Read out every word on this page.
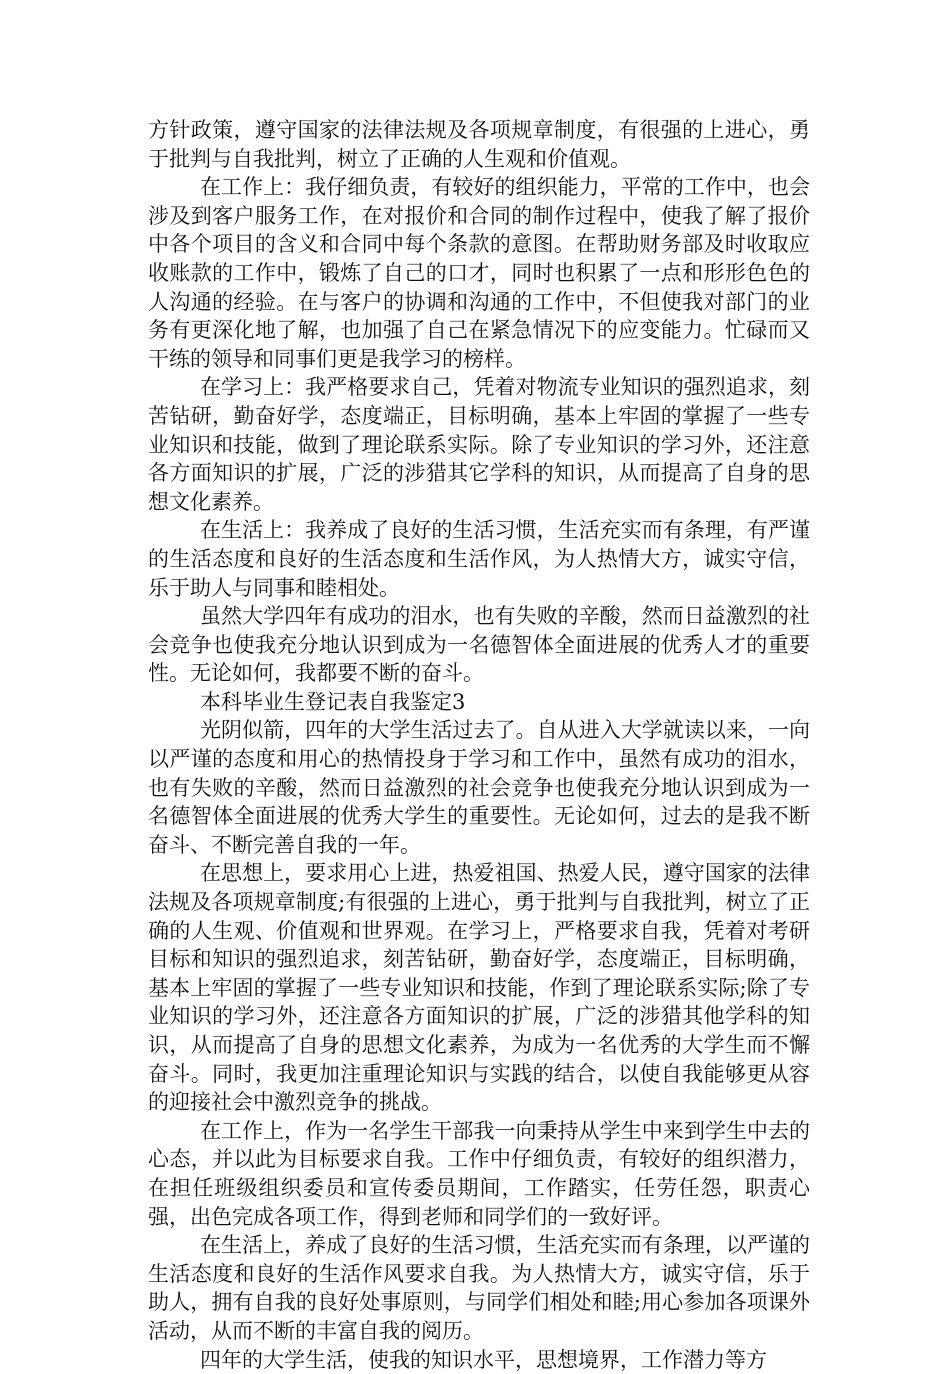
方针政策，遵守国家的法律法规及各项规章制度，有很强的上进心，勇于批判与自我批判，树立了正确的人生观和价值观。

在工作上：我仔细负责，有较好的组织能力，平常的工作中，也会涉及到客户服务工作，在对报价和合同的制作过程中，使我了解了报价中各个项目的含义和合同中每个条款的意图。在帮助财务部及时收取应收账款的工作中，锻炼了自己的口才，同时也积累了一点和形形色色的人沟通的经验。在与客户的协调和沟通的工作中，不但使我对部门的业务有更深化地了解，也加强了自己在紧急情况下的应变能力。忙碌而又干练的领导和同事们更是我学习的榜样。

在学习上：我严格要求自己，凭着对物流专业知识的强烈追求，刻苦钻研，勤奋好学，态度端正，目标明确，基本上牢固的掌握了一些专业知识和技能，做到了理论联系实际。除了专业知识的学习外，还注意各方面知识的扩展，广泛的涉猎其它学科的知识，从而提高了自身的思想文化素养。

在生活上：我养成了良好的生活习惯，生活充实而有条理，有严谨的生活态度和良好的生活态度和生活作风，为人热情大方，诚实守信，乐于助人与同事和睦相处。

虽然大学四年有成功的泪水，也有失败的辛酸，然而日益激烈的社会竞争也使我充分地认识到成为一名德智体全面进展的优秀人才的重要性。无论如何，我都要不断的奋斗。

本科毕业生登记表自我鉴定3

光阴似箭，四年的大学生活过去了。自从进入大学就读以来，一向以严谨的态度和用心的热情投身于学习和工作中，虽然有成功的泪水，也有失败的辛酸，然而日益激烈的社会竞争也使我充分地认识到成为一名德智体全面进展的优秀大学生的重要性。无论如何，过去的是我不断奋斗、不断完善自我的一年。

在思想上，要求用心上进，热爱祖国、热爱人民，遵守国家的法律法规及各项规章制度;有很强的上进心，勇于批判与自我批判，树立了正确的人生观、价值观和世界观。在学习上，严格要求自我，凭着对考研目标和知识的强烈追求，刻苦钻研，勤奋好学，态度端正，目标明确，基本上牢固的掌握了一些专业知识和技能，作到了理论联系实际;除了专业知识的学习外，还注意各方面知识的扩展，广泛的涉猎其他学科的知识，从而提高了自身的思想文化素养，为成为一名优秀的大学生而不懈奋斗。同时，我更加注重理论知识与实践的结合，以使自我能够更从容的迎接社会中激烈竞争的挑战。

在工作上，作为一名学生干部我一向秉持从学生中来到学生中去的心态，并以此为目标要求自我。工作中仔细负责，有较好的组织潜力，在担任班级组织委员和宣传委员期间，工作踏实，任劳任怨，职责心强，出色完成各项工作，得到老师和同学们的一致好评。

在生活上，养成了良好的生活习惯，生活充实而有条理，以严谨的生活态度和良好的生活作风要求自我。为人热情大方，诚实守信，乐于助人，拥有自我的良好处事原则，与同学们相处和睦;用心参加各项课外活动，从而不断的丰富自我的阅历。

四年的大学生活，使我的知识水平，思想境界，工作潜力等方
